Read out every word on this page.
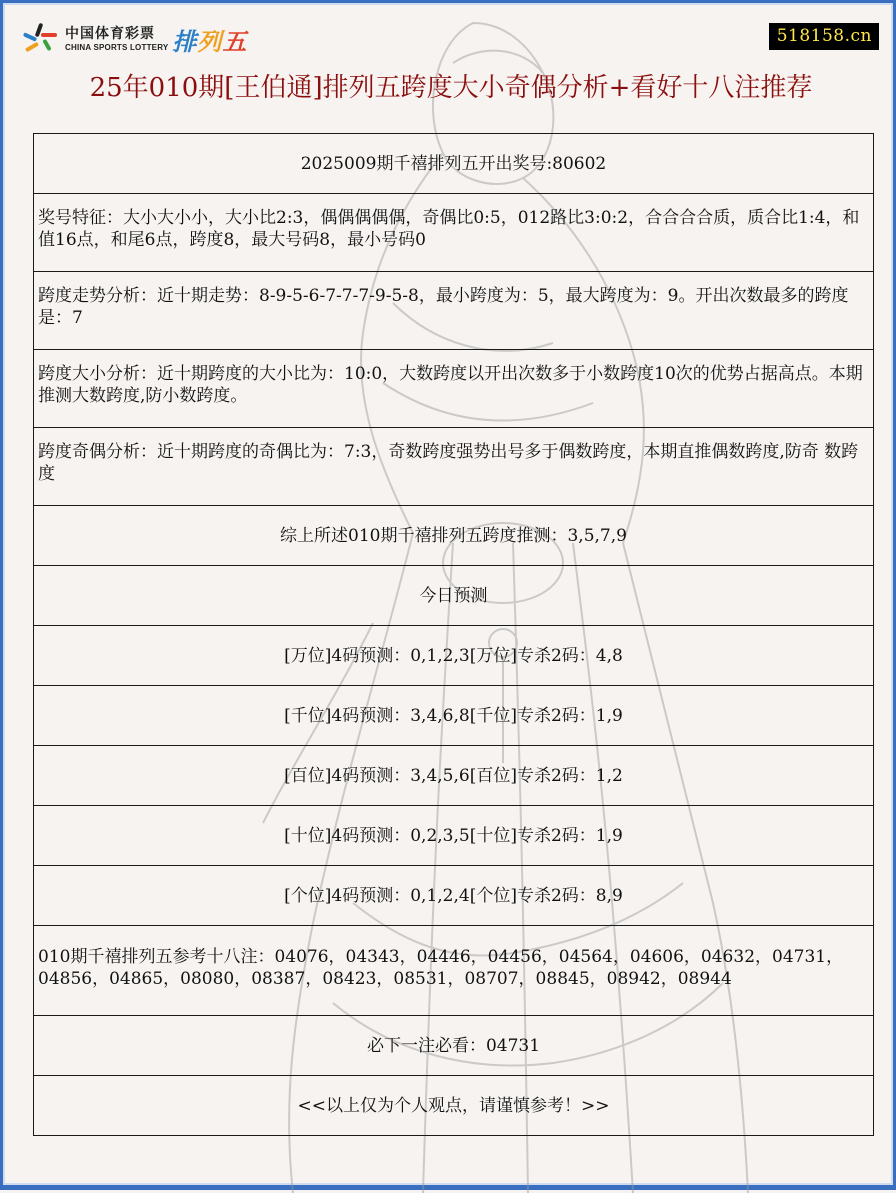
中国体育彩票
CHINA SPORTS LOTTERY 排列五	518158.cn
25年010期[王伯通]排列五跨度大小奇偶分析+看好十八注推荐
2025009期千禧排列五开出奖号:80602

奖号特征：大小大小小，大小比2:3，偶偶偶偶偶，奇偶比0:5，012路比3:0:2，合合合合质，质合比1:4，和值16点，和尾6点，跨度8，最大号码8，最小号码0

跨度走势分析：近十期走势：8-9-5-6-7-7-7-9-5-8，最小跨度为：5，最大跨度为：9。开出次数最多的跨度是：7

跨度大小分析：近十期跨度的大小比为：10:0，大数跨度以开出次数多于小数跨度10次的优势占据高点。本期推测大数跨度,防小数跨度。

跨度奇偶分析：近十期跨度的奇偶比为：7:3，奇数跨度强势出号多于偶数跨度，本期直推偶数跨度,防奇 数跨度

综上所述010期千禧排列五跨度推测：3,5,7,9
今日预测
[万位]4码预测：0,1,2,3[万位]专杀2码：4,8
[千位]4码预测：3,4,6,8[千位]专杀2码：1,9
[百位]4码预测：3,4,5,6[百位]专杀2码：1,2
[十位]4码预测：0,2,3,5[十位]专杀2码：1,9
[个位]4码预测：0,1,2,4[个位]专杀2码：8,9

010期千禧排列五参考十八注：04076，04343，04446，04456，04564，04606，04632，04731，04856，04865，08080，08387，08423，08531，08707，08845，08942，08944

必下一注必看：04731
<<以上仅为个人观点，请谨慎参考！>>
